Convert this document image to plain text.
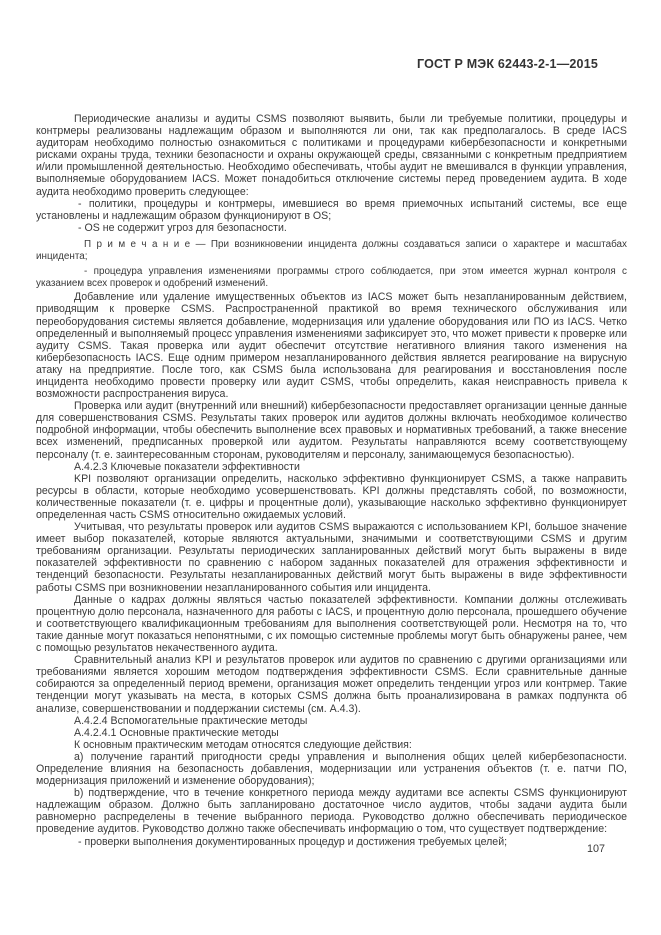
ГОСТ Р МЭК 62443-2-1—2015

Периодические анализы и аудиты CSMS позволяют выявить, были ли требуемые политики, процедуры и контрмеры реализованы надлежащим образом и выполняются ли они, так как предполагалось. В среде IACS аудиторам необходимо полностью ознакомиться с политиками и процедурами кибербезопасности и конкретными рисками охраны труда, техники безопасности и охраны окружающей среды, связанными с конкретным предприятием и/или промышленной деятельностью. Необходимо обеспечивать, чтобы аудит не вмешивался в функции управления, выполняемые оборудованием IACS. Может понадобиться отключение системы перед проведением аудита. В ходе аудита необходимо проверить следующее:

- политики, процедуры и контрмеры, имевшиеся во время приемочных испытаний системы, все еще установлены и надлежащим образом функционируют в OS;

- OS не содержит угроз для безопасности.

П р и м е ч а н и е — При возникновении инцидента должны создаваться записи о характере и масштабах инцидента;

- процедура управления изменениями программы строго соблюдается, при этом имеется журнал контроля с указанием всех проверок и одобрений изменений.

Добавление или удаление имущественных объектов из IACS может быть незапланированным действием, приводящим к проверке CSMS. Распространенной практикой во время технического обслуживания или переоборудования системы является добавление, модернизация или удаление оборудования или ПО из IACS. Четко определенный и выполняемый процесс управления изменениями зафиксирует это, что может привести к проверке или аудиту CSMS. Такая проверка или аудит обеспечит отсутствие негативного влияния такого изменения на кибербезопасность IACS. Еще одним примером незапланированного действия является реагирование на вирусную атаку на предприятие. После того, как CSMS была использована для реагирования и восстановления после инцидента необходимо провести проверку или аудит CSMS, чтобы определить, какая неисправность привела к возможности распространения вируса.

Проверка или аудит (внутренний или внешний) кибербезопасности предоставляет организации ценные данные для совершенствования CSMS. Результаты таких проверок или аудитов должны включать необходимое количество подробной информации, чтобы обеспечить выполнение всех правовых и нормативных требований, а также внесение всех изменений, предписанных проверкой или аудитом. Результаты направляются всему соответствующему персоналу (т. е. заинтересованным сторонам, руководителям и персоналу, занимающемуся безопасностью).

А.4.2.3 Ключевые показатели эффективности

KPI позволяют организации определить, насколько эффективно функционирует CSMS, а также направить ресурсы в области, которые необходимо усовершенствовать. KPI должны представлять собой, по возможности, количественные показатели (т. е. цифры и процентные доли), указывающие насколько эффективно функционирует определенная часть CSMS относительно ожидаемых условий.

Учитывая, что результаты проверок или аудитов CSMS выражаются с использованием KPI, большое значение имеет выбор показателей, которые являются актуальными, значимыми и соответствующими CSMS и другим требованиям организации. Результаты периодических запланированных действий могут быть выражены в виде показателей эффективности по сравнению с набором заданных показателей для отражения эффективности и тенденций безопасности. Результаты незапланированных действий могут быть выражены в виде эффективности работы CSMS при возникновении незапланированного события или инцидента.

Данные о кадрах должны являться частью показателей эффективности. Компании должны отслеживать процентную долю персонала, назначенного для работы с IACS, и процентную долю персонала, прошедшего обучение и соответствующего квалификационным требованиям для выполнения соответствующей роли. Несмотря на то, что такие данные могут показаться непонятными, с их помощью системные проблемы могут быть обнаружены ранее, чем с помощью результатов некачественного аудита.

Сравнительный анализ KPI и результатов проверок или аудитов по сравнению с другими организациями или требованиями является хорошим методом подтверждения эффективности CSMS. Если сравнительные данные собираются за определенный период времени, организация может определить тенденции угроз или контрмер. Такие тенденции могут указывать на места, в которых CSMS должна быть проанализирована в рамках подпункта об анализе, совершенствовании и поддержании системы (см. А.4.3).

А.4.2.4 Вспомогательные практические методы

А.4.2.4.1 Основные практические методы

К основным практическим методам относятся следующие действия:

а) получение гарантий пригодности среды управления и выполнения общих целей кибербезопасности. Определение влияния на безопасность добавления, модернизации или устранения объектов (т. е. патчи ПО, модернизация приложений и изменение оборудования);

b) подтверждение, что в течение конкретного периода между аудитами все аспекты CSMS функционируют надлежащим образом. Должно быть запланировано достаточное число аудитов, чтобы задачи аудита были равномерно распределены в течение выбранного периода. Руководство должно обеспечивать периодическое проведение аудитов. Руководство должно также обеспечивать информацию о том, что существует подтверждение:

- проверки выполнения документированных процедур и достижения требуемых целей;

107
